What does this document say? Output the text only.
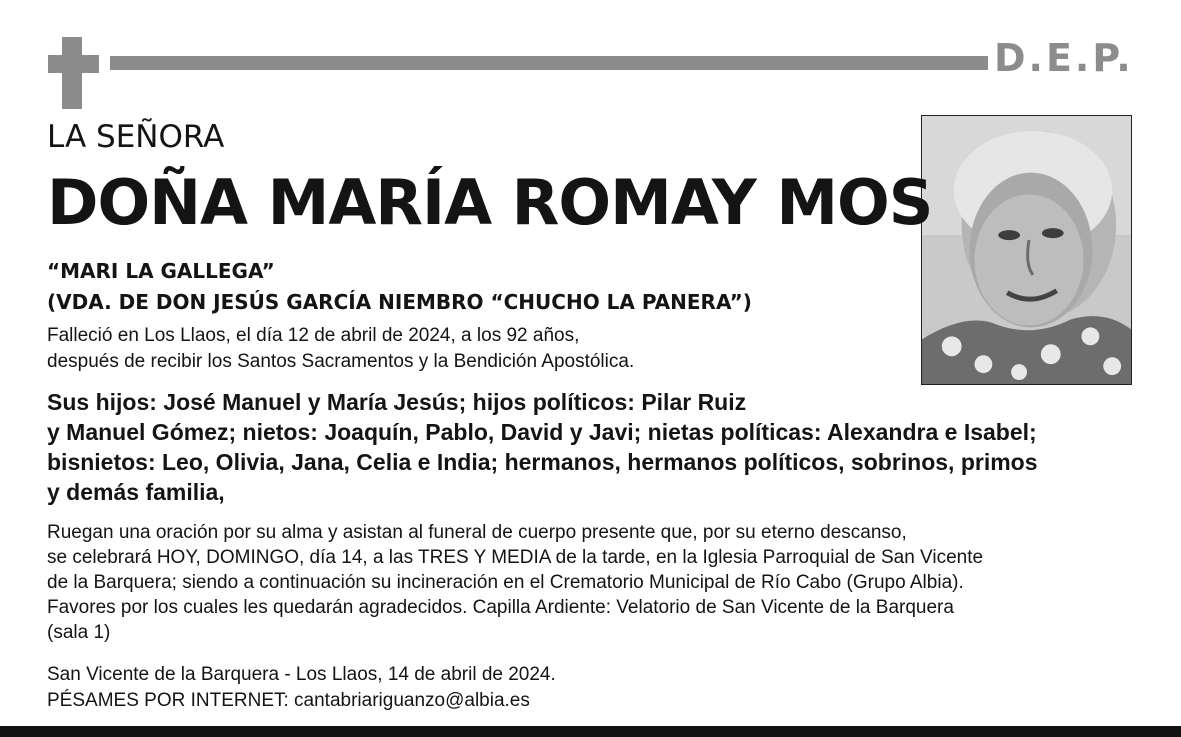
D.E.P.
LA SEÑORA
DOÑA MARÍA ROMAY MOS
“MARI LA GALLEGA”
(VDA. DE DON JESÚS GARCÍA NIEMBRO “CHUCHO LA PANERA”)
Falleció en Los Llaos, el día 12 de abril de 2024, a los 92 años,
después de recibir los Santos Sacramentos y la Bendición Apostólica.
Sus hijos: José Manuel y María Jesús; hijos políticos: Pilar Ruiz
y Manuel Gómez; nietos: Joaquín, Pablo, David y Javi; nietas políticas: Alexandra e Isabel;
bisnietos: Leo, Olivia, Jana, Celia e India; hermanos, hermanos políticos, sobrinos, primos
y demás familia,
Ruegan una oración por su alma y asistan al funeral de cuerpo presente que, por su eterno descanso,
se celebrará HOY, DOMINGO, día 14, a las TRES Y MEDIA de la tarde, en la Iglesia Parroquial de San Vicente
de la Barquera; siendo a continuación su incineración en el Crematorio Municipal de Río Cabo (Grupo Albia).
Favores por los cuales les quedarán agradecidos. Capilla Ardiente: Velatorio de San Vicente de la Barquera
(sala 1)
San Vicente de la Barquera - Los Llaos, 14 de abril de 2024.
PÉSAMES POR INTERNET: cantabriariguanzo@albia.es
